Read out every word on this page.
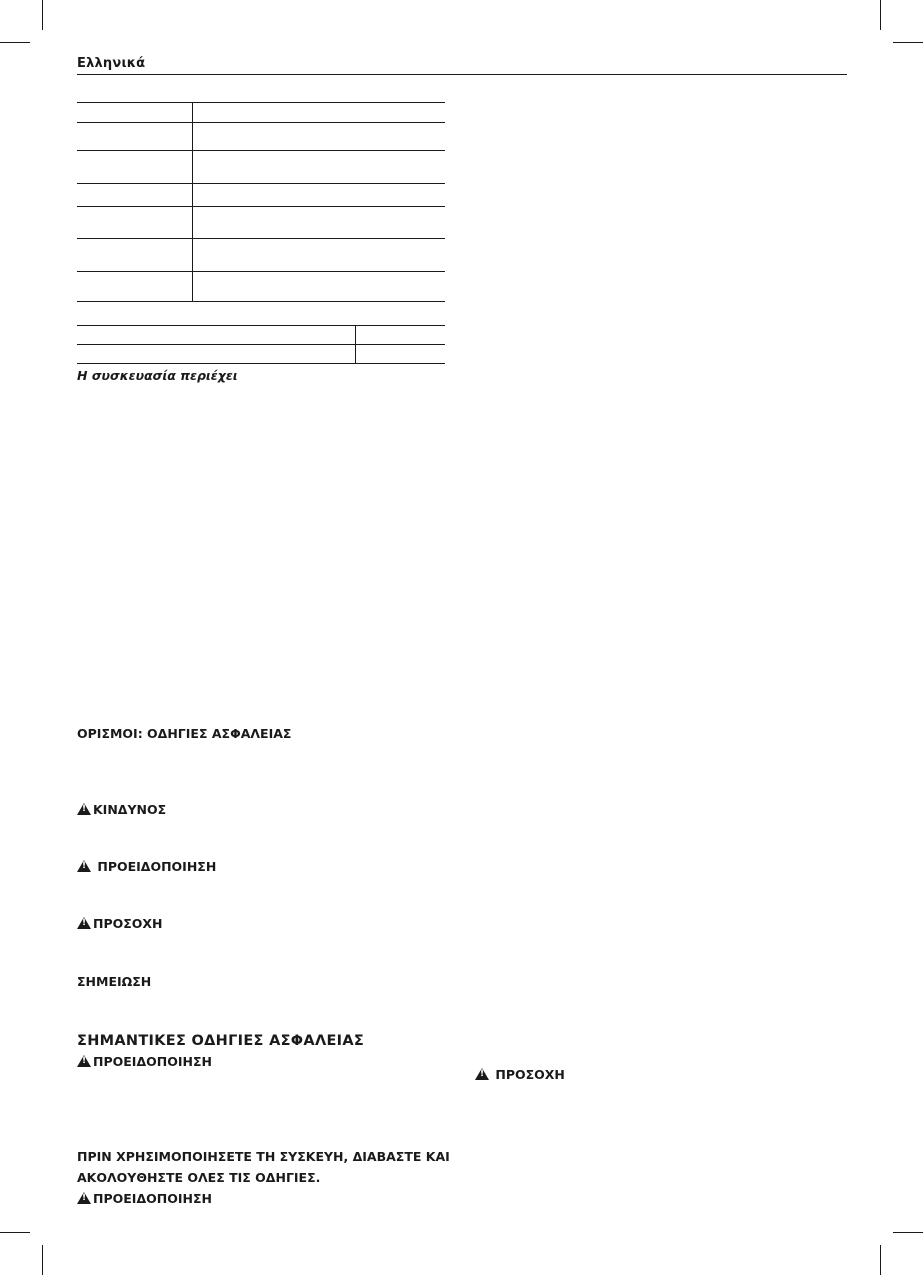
Ελληνικά

Η συσκευασία περιέχει
ΟΡΙΣΜΟΙ: ΟΔΗΓΙΕΣ ΑΣΦΑΛΕΙΑΣ
!ΚΙΝΔΥΝΟΣ
! ΠΡΟΕΙΔΟΠΟΙΗΣΗ
!ΠΡΟΣΟΧΗ
ΣΗΜΕΙΩΣΗ
ΣΗΜΑΝΤΙΚΕΣ ΟΔΗΓΙΕΣ ΑΣΦΑΛΕΙΑΣ
!ΠΡΟΕΙΔΟΠΟΙΗΣΗ
ΠΡΙΝ ΧΡΗΣΙΜΟΠΟΙΗΣΕΤΕ ΤΗ ΣΥΣΚΕΥΗ, ΔΙΑΒΑΣΤΕ ΚΑΙ
ΑΚΟΛΟΥΘΗΣΤΕ ΟΛΕΣ ΤΙΣ ΟΔΗΓΙΕΣ.
!ΠΡΟΕΙΔΟΠΟΙΗΣΗ
! ΠΡΟΣΟΧΗ
